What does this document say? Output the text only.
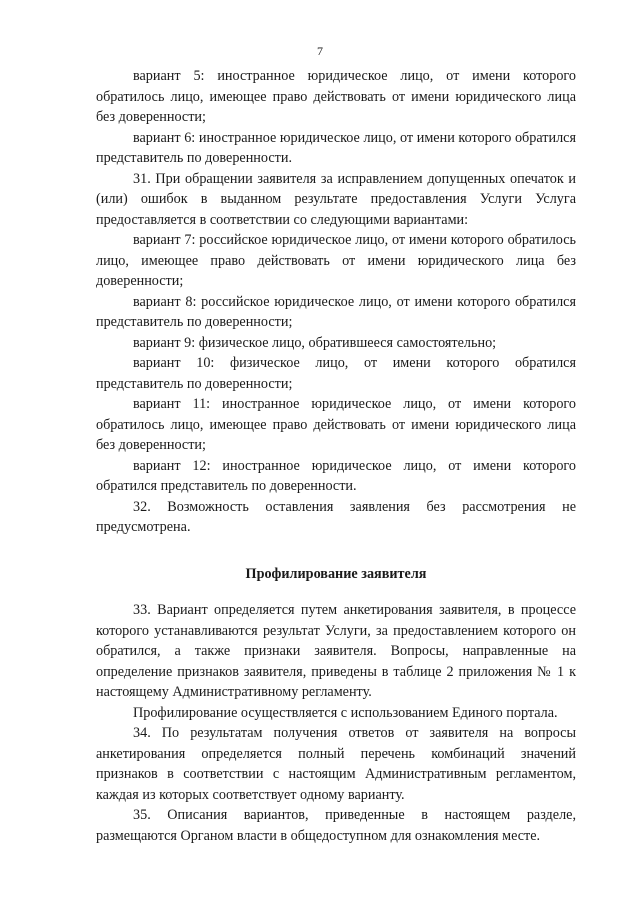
7

вариант 5: иностранное юридическое лицо, от имени которого обратилось лицо, имеющее право действовать от имени юридического лица без доверенности;

вариант 6: иностранное юридическое лицо, от имени которого обратился представитель по доверенности.

31. При обращении заявителя за исправлением допущенных опечаток и (или) ошибок в выданном результате предоставления Услуги Услуга предоставляется в соответствии со следующими вариантами:

вариант 7: российское юридическое лицо, от имени которого обратилось лицо, имеющее право действовать от имени юридического лица без доверенности;

вариант 8: российское юридическое лицо, от имени которого обратился представитель по доверенности;

вариант 9: физическое лицо, обратившееся самостоятельно;

вариант 10: физическое лицо, от имени которого обратился представитель по доверенности;

вариант 11: иностранное юридическое лицо, от имени которого обратилось лицо, имеющее право действовать от имени юридического лица без доверенности;

вариант 12: иностранное юридическое лицо, от имени которого обратился представитель по доверенности.

32. Возможность оставления заявления без рассмотрения не предусмотрена.

Профилирование заявителя

33. Вариант определяется путем анкетирования заявителя, в процессе которого устанавливаются результат Услуги, за предоставлением которого он обратился, а также признаки заявителя. Вопросы, направленные на определение признаков заявителя, приведены в таблице 2 приложения № 1 к настоящему Административному регламенту.

Профилирование осуществляется с использованием Единого портала.

34. По результатам получения ответов от заявителя на вопросы анкетирования определяется полный перечень комбинаций значений признаков в соответствии с настоящим Административным регламентом, каждая из которых соответствует одному варианту.

35. Описания вариантов, приведенные в настоящем разделе, размещаются Органом власти в общедоступном для ознакомления месте.
